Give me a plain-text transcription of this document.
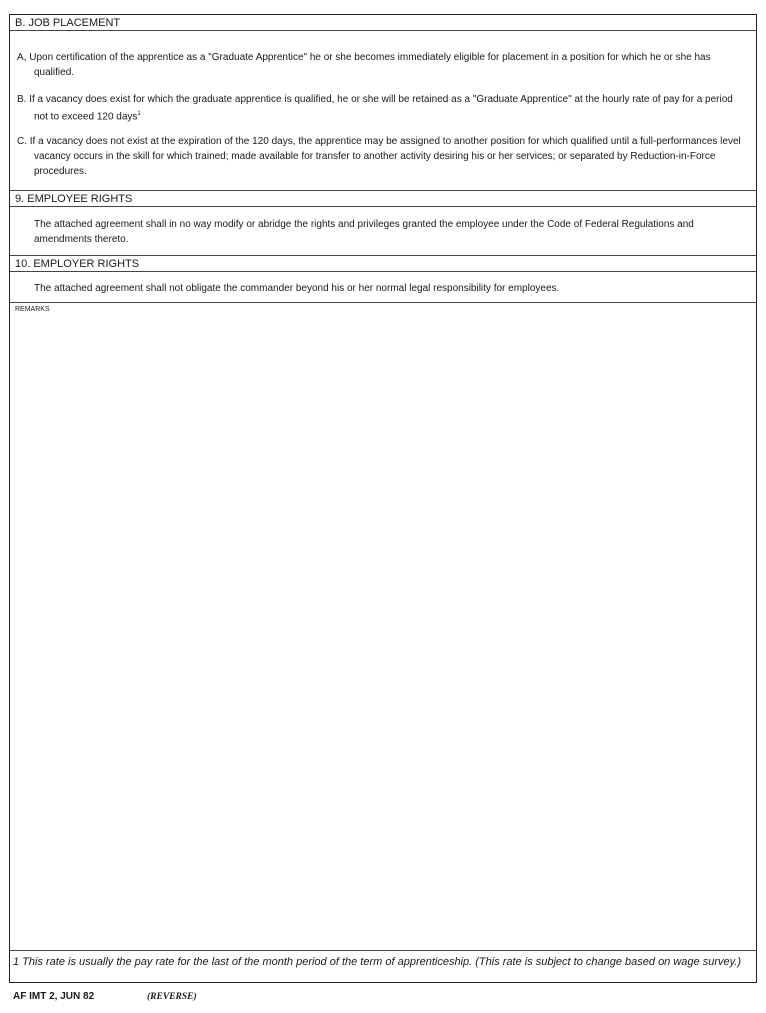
B. JOB PLACEMENT

A, Upon certification of the apprentice as a "Graduate Apprentice" he or she becomes immediately eligible for placement in a position for which he or she has qualified.

B. If a vacancy does exist for which the graduate apprentice is qualified, he or she will be retained as a "Graduate Apprentice" at the hourly rate of pay for a period not to exceed 120 days$^1$

C. If a vacancy does not exist at the expiration of the 120 days, the apprentice may be assigned to another position for which qualified until a full-performances level vacancy occurs in the skill for which trained; made available for transfer to another activity desiring his or her services; or separated by Reduction-in-Force procedures.

9. EMPLOYEE RIGHTS

The attached agreement shall in no way modify or abridge the rights and privileges granted the employee under the Code of Federal Regulations and amendments thereto.

10. EMPLOYER RIGHTS

The attached agreement shall not obligate the commander beyond his or her normal legal responsibility for employees.

REMARKS

1 This rate is usually the pay rate for the last of the month period of the term of apprenticeship. (This rate is subject to change based on wage survey.)

AF IMT 2, JUN 82	(REVERSE)
